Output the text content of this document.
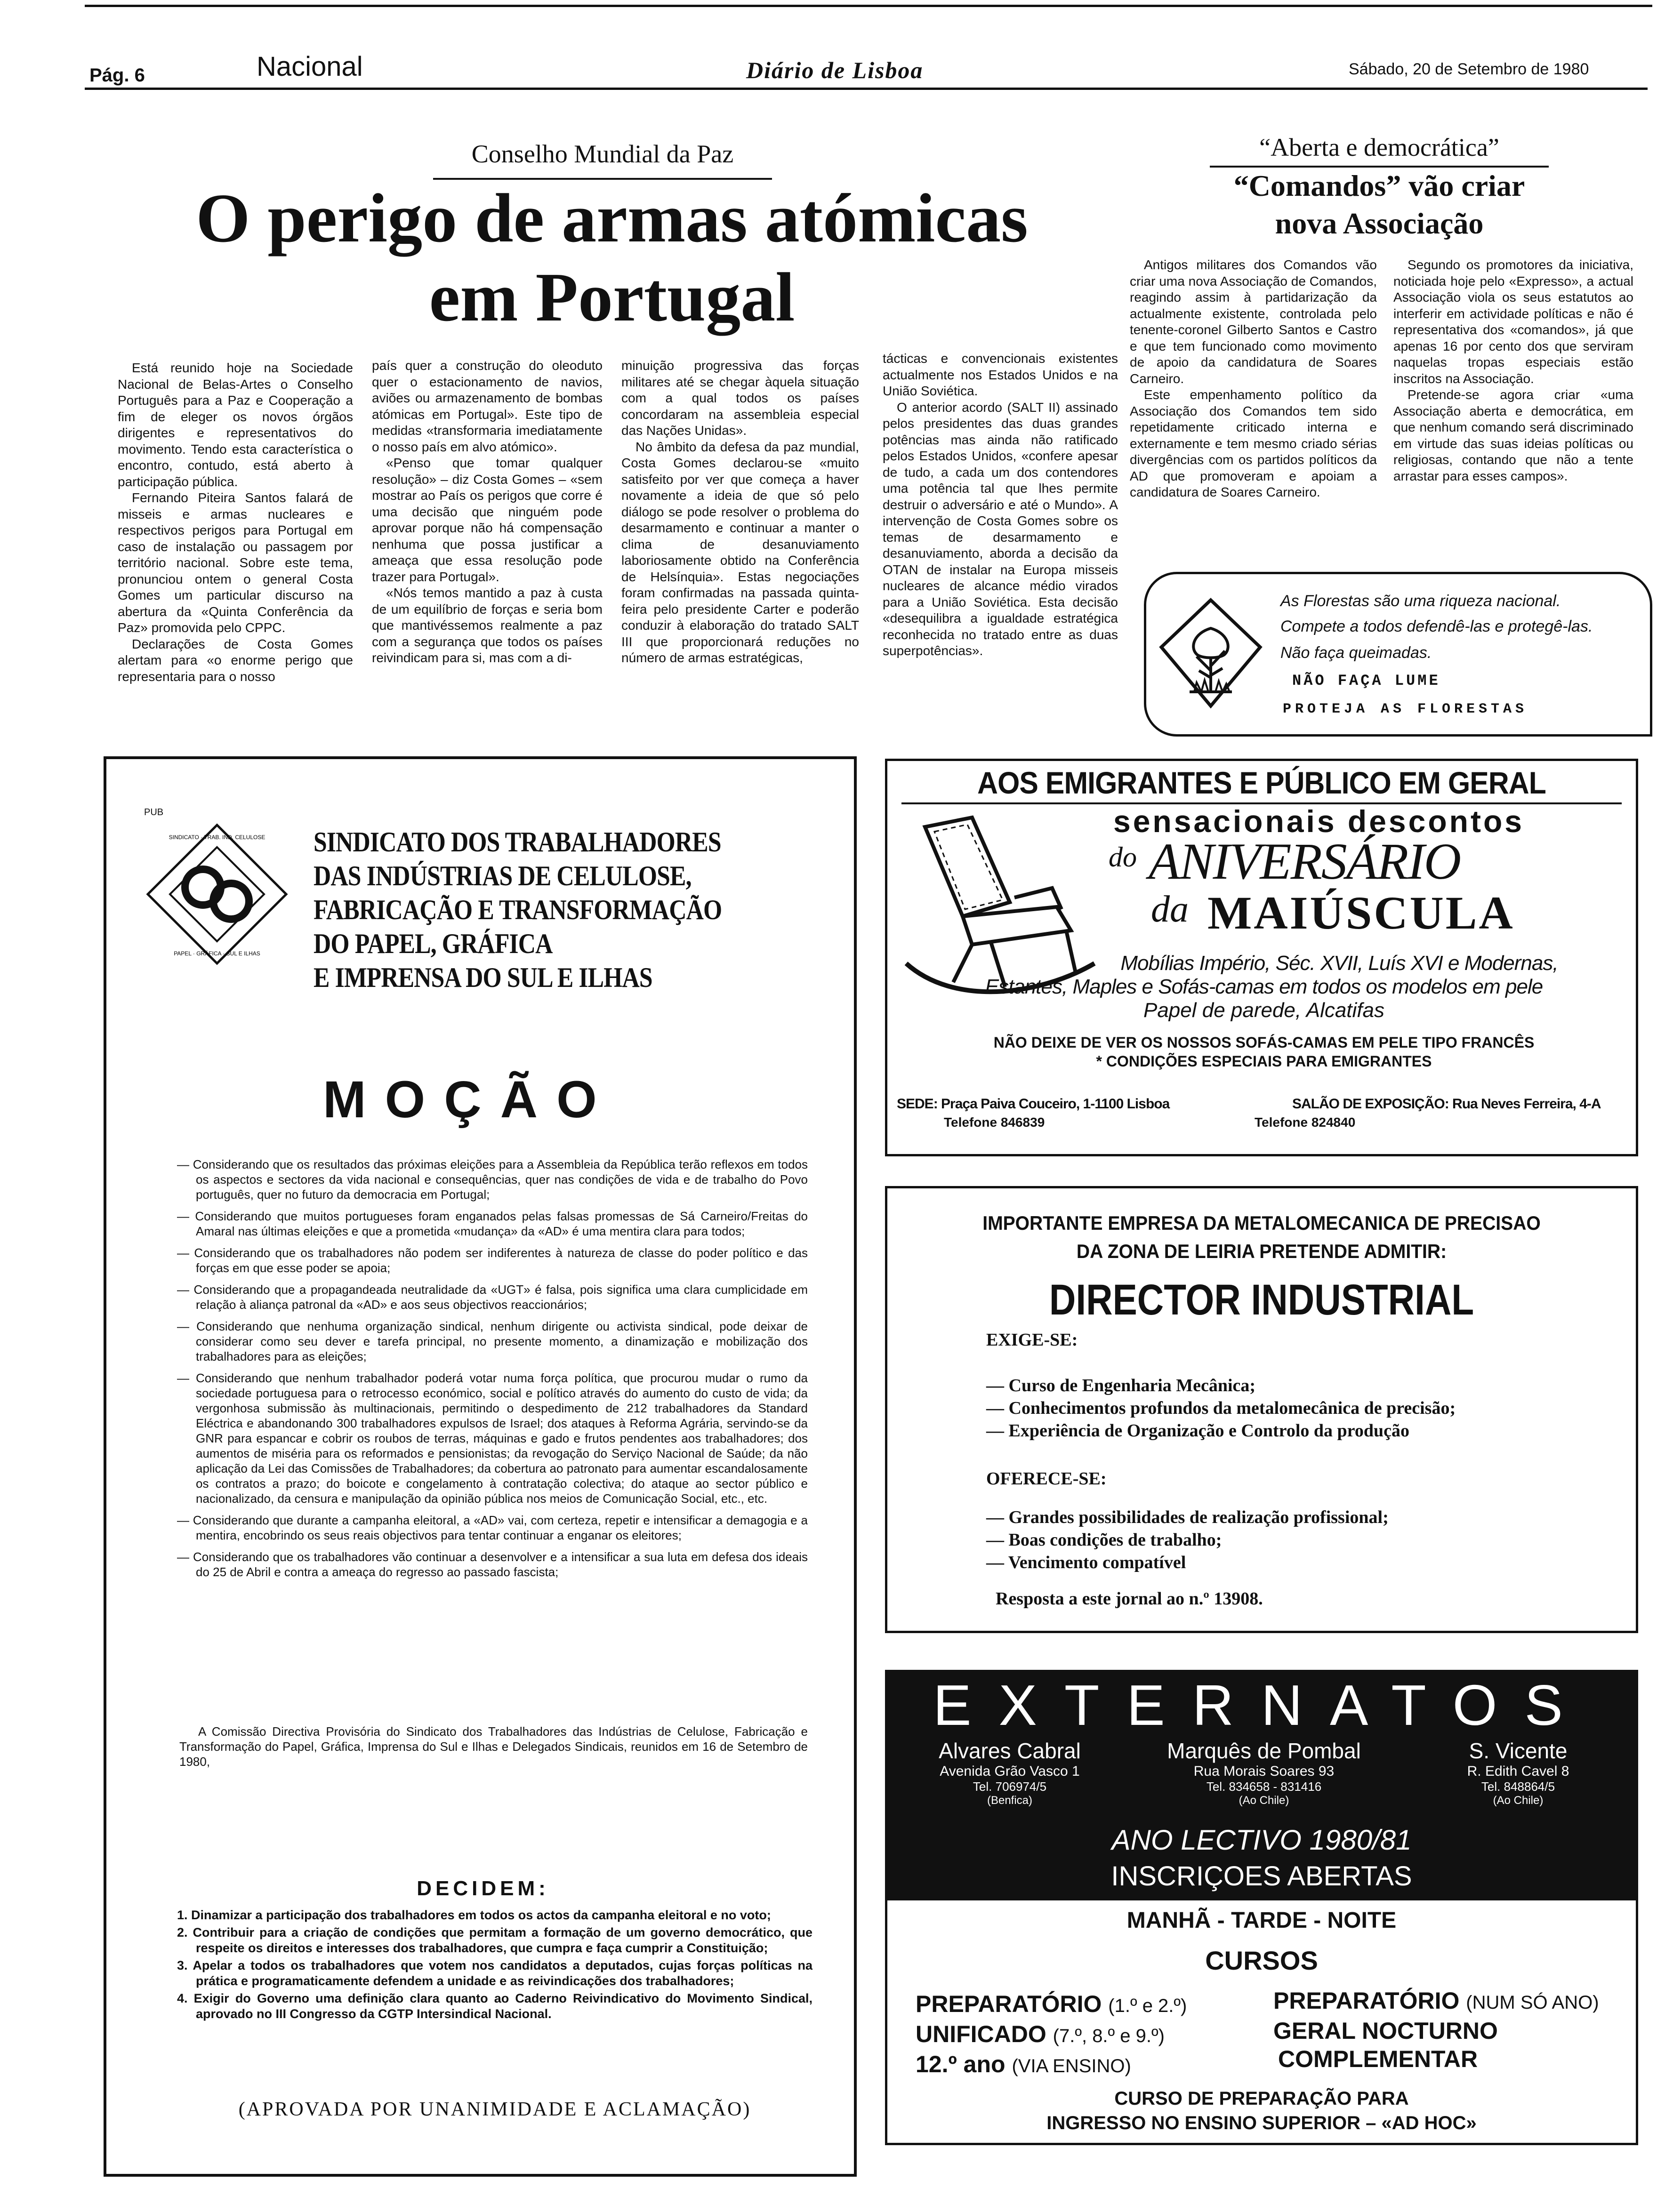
Pág. 6	Nacional	Diário de Lisboa	Sábado, 20 de Setembro de 1980
Conselho Mundial da Paz
O perigo de armas atómicas
em Portugal

Está reunido hoje na Sociedade Nacional de Belas-Artes o Conselho Português para a Paz e Cooperação a fim de eleger os novos órgãos dirigentes e representativos do movimento. Tendo esta característica o encontro, contudo, está aberto à participação pública.

Fernando Piteira Santos falará de misseis e armas nucleares e respectivos perigos para Portugal em caso de instalação ou passagem por território nacional. Sobre este tema, pronunciou ontem o general Costa Gomes um particular discurso na abertura da «Quinta Conferência da Paz» promovida pelo CPPC.

Declarações de Costa Gomes alertam para «o enorme perigo que representaria para o nosso

país quer a construção do oleoduto quer o estacionamento de navios, aviões ou armazenamento de bombas atómicas em Portugal». Este tipo de medidas «transformaria imediatamente o nosso país em alvo atómico».

«Penso que tomar qualquer resolução» – diz Costa Gomes – «sem mostrar ao País os perigos que corre é uma decisão que ninguém pode aprovar porque não há compensação nenhuma que possa justificar a ameaça que essa resolução pode trazer para Portugal».

«Nós temos mantido a paz à custa de um equilíbrio de forças e seria bom que mantivéssemos realmente a paz com a segurança que todos os países reivindicam para si, mas com a di-

minuição progressiva das forças militares até se chegar àquela situação com a qual todos os países concordaram na assembleia especial das Nações Unidas».

No âmbito da defesa da paz mundial, Costa Gomes declarou-se «muito satisfeito por ver que começa a haver novamente a ideia de que só pelo diálogo se pode resolver o problema do desarmamento e continuar a manter o clima de desanuviamento laboriosamente obtido na Conferência de Helsínquia». Estas negociações foram confirmadas na passada quinta-feira pelo presidente Carter e poderão conduzir à elaboração do tratado SALT III que proporcionará reduções no número de armas estratégicas,

tácticas e convencionais existentes actualmente nos Estados Unidos e na União Soviética.

O anterior acordo (SALT II) assinado pelos presidentes das duas grandes potências mas ainda não ratificado pelos Estados Unidos, «confere apesar de tudo, a cada um dos contendores uma potência tal que lhes permite destruir o adversário e até o Mundo». A intervenção de Costa Gomes sobre os temas de desarmamento e desanuviamento, aborda a decisão da OTAN de instalar na Europa misseis nucleares de alcance médio virados para a União Soviética. Esta decisão «desequilibra a igualdade estratégica reconhecida no tratado entre as duas superpotências».

“Aberta e democrática”
“Comandos” vão criar
nova Associação

Antigos militares dos Comandos vão criar uma nova Associação de Comandos, reagindo assim à partidarização da actualmente existente, controlada pelo tenente-coronel Gilberto Santos e Castro e que tem funcionado como movimento de apoio da candidatura de Soares Carneiro.

Este empenhamento político da Associação dos Comandos tem sido repetidamente criticado interna e externamente e tem mesmo criado sérias divergências com os partidos políticos da AD que promoveram e apoiam a candidatura de Soares Carneiro.

Segundo os promotores da iniciativa, noticiada hoje pelo «Expresso», a actual Associação viola os seus estatutos ao interferir em actividade políticas e não é representativa dos «comandos», já que apenas 16 por cento dos que serviram naquelas tropas especiais estão inscritos na Associação.

Pretende-se agora criar «uma Associação aberta e democrática, em que nenhum comando será discriminado em virtude das suas ideias políticas ou religiosas, contando que não a tente arrastar para esses campos».

As Florestas são uma riqueza nacional.
Compete a todos defendê-las e protegê-las.
Não faça queimadas.
NÃO FAÇA LUME
PROTEJA AS FLORESTAS
PUB
SINDICATO · TRAB. IND. CELULOSE
PAPEL · GRÁFICA · SUL E ILHAS
SINDICATO DOS TRABALHADORES
DAS INDÚSTRIAS DE CELULOSE,
FABRICAÇÃO E TRANSFORMAÇÃO
DO PAPEL, GRÁFICA
E IMPRENSA DO SUL E ILHAS
MOÇÃO
— Considerando que os resultados das próximas eleições para a Assembleia da República terão reflexos em todos os aspectos e sectores da vida nacional e consequências, quer nas condições de vida e de trabalho do Povo português, quer no futuro da democracia em Portugal;
— Considerando que muitos portugueses foram enganados pelas falsas promessas de Sá Carneiro/Freitas do Amaral nas últimas eleições e que a prometida «mudança» da «AD» é uma mentira clara para todos;
— Considerando que os trabalhadores não podem ser indiferentes à natureza de classe do poder político e das forças em que esse poder se apoia;
— Considerando que a propagandeada neutralidade da «UGT» é falsa, pois significa uma clara cumplicidade em relação à aliança patronal da «AD» e aos seus objectivos reaccionários;
— Considerando que nenhuma organização sindical, nenhum dirigente ou activista sindical, pode deixar de considerar como seu dever e tarefa principal, no presente momento, a dinamização e mobilização dos trabalhadores para as eleições;
— Considerando que nenhum trabalhador poderá votar numa força política, que procurou mudar o rumo da sociedade portuguesa para o retrocesso económico, social e político através do aumento do custo de vida; da vergonhosa submissão às multinacionais, permitindo o despedimento de 212 trabalhadores da Standard Eléctrica e abandonando 300 trabalhadores expulsos de Israel; dos ataques à Reforma Agrária, servindo-se da GNR para espancar e cobrir os roubos de terras, máquinas e gado e frutos pendentes aos trabalhadores; dos aumentos de miséria para os reformados e pensionistas; da revogação do Serviço Nacional de Saúde; da não aplicação da Lei das Comissões de Trabalhadores; da cobertura ao patronato para aumentar escandalosamente os contratos a prazo; do boicote e congelamento à contratação colectiva; do ataque ao sector público e nacionalizado, da censura e manipulação da opinião pública nos meios de Comunicação Social, etc., etc.
— Considerando que durante a campanha eleitoral, a «AD» vai, com certeza, repetir e intensificar a demagogia e a mentira, encobrindo os seus reais objectivos para tentar continuar a enganar os eleitores;
— Considerando que os trabalhadores vão continuar a desenvolver e a intensificar a sua luta em defesa dos ideais do 25 de Abril e contra a ameaça do regresso ao passado fascista;
A Comissão Directiva Provisória do Sindicato dos Trabalhadores das Indústrias de Celulose, Fabricação e Transformação do Papel, Gráfica, Imprensa do Sul e Ilhas e Delegados Sindicais, reunidos em 16 de Setembro de 1980,
DECIDEM:
1. Dinamizar a participação dos trabalhadores em todos os actos da campanha eleitoral e no voto;
2. Contribuir para a criação de condições que permitam a formação de um governo democrático, que respeite os direitos e interesses dos trabalhadores, que cumpra e faça cumprir a Constituição;
3. Apelar a todos os trabalhadores que votem nos candidatos a deputados, cujas forças políticas na prática e programaticamente defendem a unidade e as reivindicações dos trabalhadores;
4. Exigir do Governo uma definição clara quanto ao Caderno Reivindicativo do Movimento Sindical, aprovado no III Congresso da CGTP Intersindical Nacional.
(APROVADA POR UNANIMIDADE E ACLAMAÇÃO)
AOS EMIGRANTES E PÚBLICO EM GERAL
sensacionais descontos
do ANIVERSÁRIO
da MAIÚSCULA
Mobílias Império, Séc. XVII, Luís XVI e Modernas,
Estantes, Maples e Sofás-camas em todos os modelos em pele
Papel de parede, Alcatifas
NÃO DEIXE DE VER OS NOSSOS SOFÁS-CAMAS EM PELE TIPO FRANCÊS
* CONDIÇÕES ESPECIAIS PARA EMIGRANTES
SEDE: Praça Paiva Couceiro, 1-1100 Lisboa	SALÃO DE EXPOSIÇÃO: Rua Neves Ferreira, 4-A
Telefone 846839	Telefone 824840
IMPORTANTE EMPRESA DA METALOMECANICA DE PRECISAO
DA ZONA DE LEIRIA PRETENDE ADMITIR:
DIRECTOR INDUSTRIAL
EXIGE-SE:
— Curso de Engenharia Mecânica;
— Conhecimentos profundos da metalomecânica de precisão;
— Experiência de Organização e Controlo da produção
OFERECE-SE:
— Grandes possibilidades de realização profissional;
— Boas condições de trabalho;
— Vencimento compatível
Resposta a este jornal ao n.º 13908.
EXTERNATOS
Alvares Cabral
Avenida Grão Vasco 1
Tel. 706974/5
(Benfica)
Marquês de Pombal
Rua Morais Soares 93
Tel. 834658 - 831416
(Ao Chile)
S. Vicente
R. Edith Cavel 8
Tel. 848864/5
(Ao Chile)
ANO LECTIVO 1980/81
INSCRIÇOES ABERTAS
MANHÃ - TARDE - NOITE
CURSOS
PREPARATÓRIO (1.º e 2.º)
UNIFICADO (7.º, 8.º e 9.º)
12.º ano (VIA ENSINO)
PREPARATÓRIO (NUM SÓ ANO)
GERAL NOCTURNO
COMPLEMENTAR
CURSO DE PREPARAÇÃO PARA
INGRESSO NO ENSINO SUPERIOR – «AD HOC»
